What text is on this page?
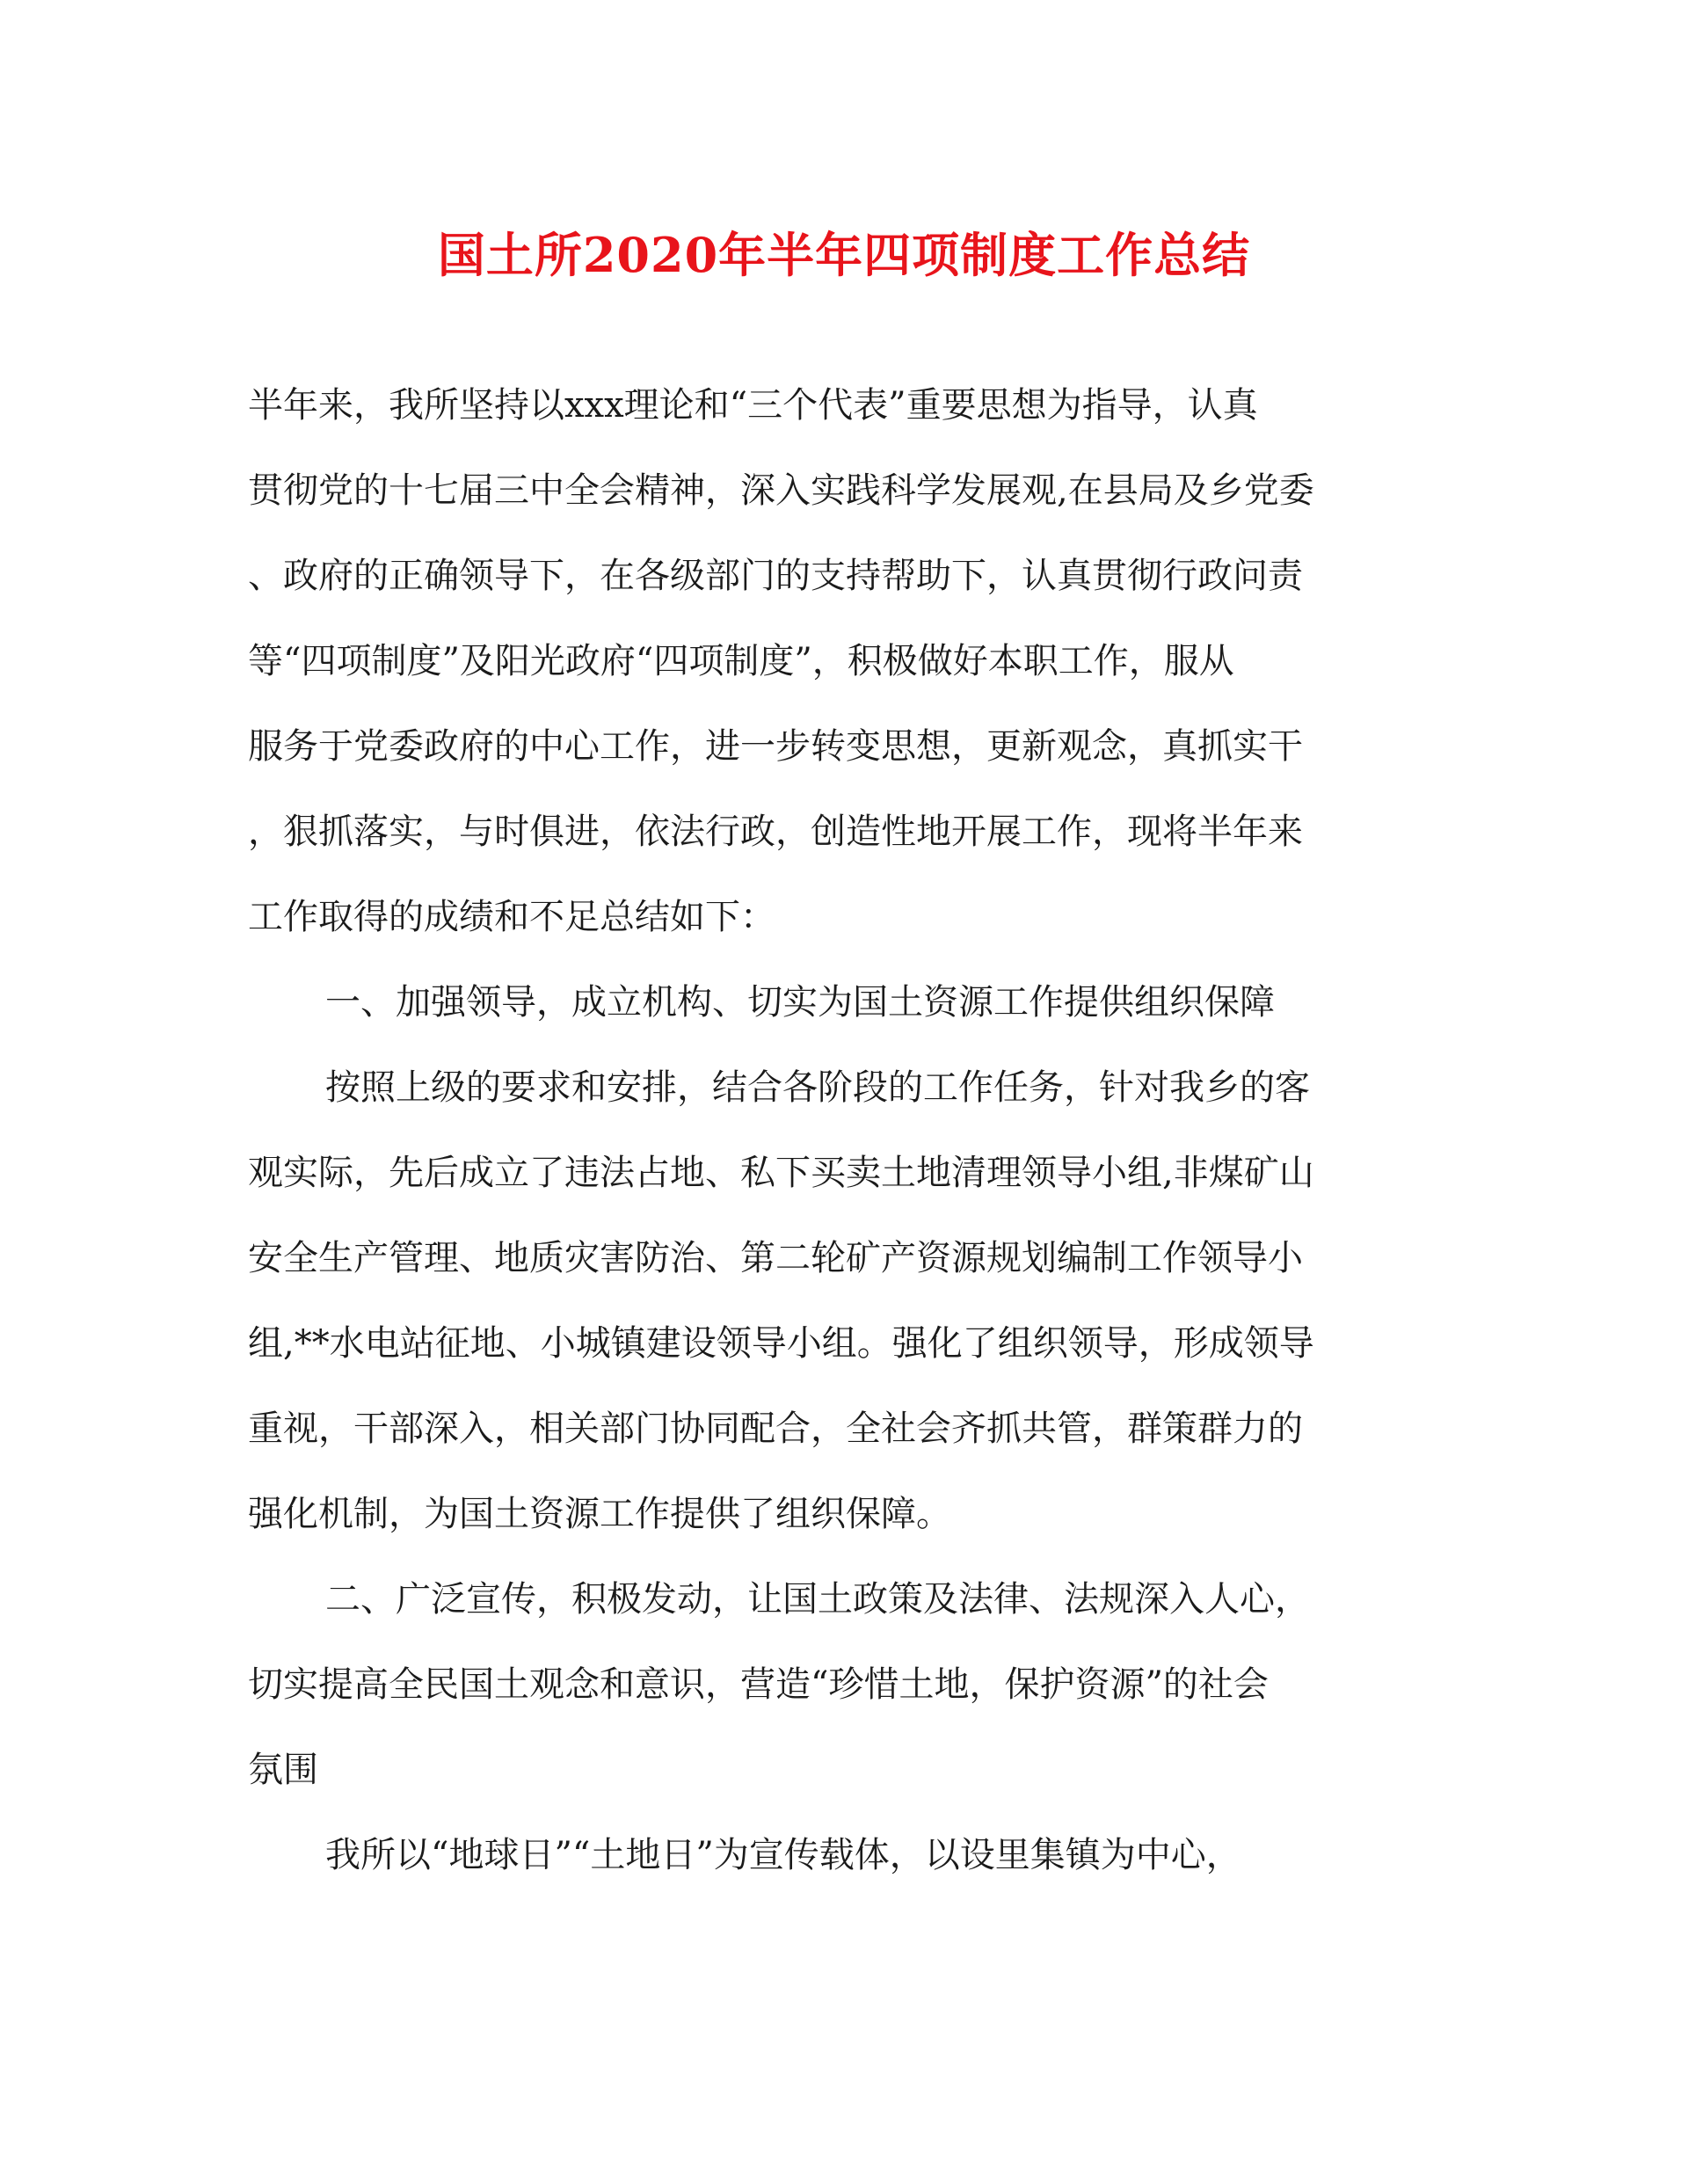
国土所2020年半年四项制度工作总结

半年来，我所坚持以xxx理论和“三个代表”重要思想为指导，认真

贯彻党的十七届三中全会精神，深入实践科学发展观,在县局及乡党委

、政府的正确领导下，在各级部门的支持帮助下，认真贯彻行政问责

等“四项制度”及阳光政府“四项制度”，积极做好本职工作，服从

服务于党委政府的中心工作，进一步转变思想，更新观念，真抓实干

，狠抓落实，与时俱进，依法行政，创造性地开展工作，现将半年来

工作取得的成绩和不足总结如下：

一、加强领导，成立机构、切实为国土资源工作提供组织保障

按照上级的要求和安排，结合各阶段的工作任务，针对我乡的客

观实际，先后成立了违法占地、私下买卖土地清理领导小组,非煤矿山

安全生产管理、地质灾害防治、第二轮矿产资源规划编制工作领导小

组,**水电站征地、小城镇建设领导小组。强化了组织领导，形成领导

重视，干部深入，相关部门协同配合，全社会齐抓共管，群策群力的

强化机制，为国土资源工作提供了组织保障。

二、广泛宣传，积极发动，让国土政策及法律、法规深入人心，

切实提高全民国土观念和意识，营造“珍惜土地，保护资源”的社会

氛围

我所以“地球日”“土地日”为宣传载体，以设里集镇为中心，
